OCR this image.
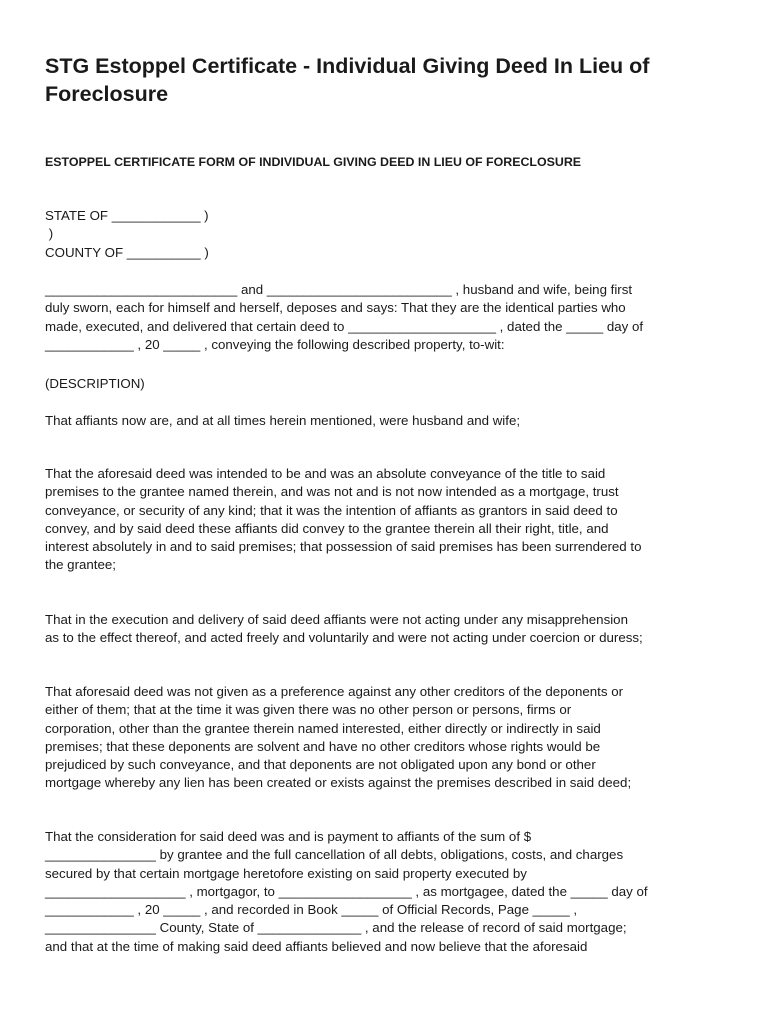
STG Estoppel Certificate - Individual Giving Deed In Lieu of
Foreclosure
ESTOPPEL CERTIFICATE FORM OF INDIVIDUAL GIVING DEED IN LIEU OF FORECLOSURE
STATE OF ____________ )
)
COUNTY OF __________ )

__________________________ and _________________________ , husband and wife, being first
duly sworn, each for himself and herself, deposes and says: That they are the identical parties who
made, executed, and delivered that certain deed to ____________________ , dated the _____ day of
____________ , 20 _____ , conveying the following described property, to-wit:

(DESCRIPTION)

That affiants now are, and at all times herein mentioned, were husband and wife;

That the aforesaid deed was intended to be and was an absolute conveyance of the title to said
premises to the grantee named therein, and was not and is not now intended as a mortgage, trust
conveyance, or security of any kind; that it was the intention of affiants as grantors in said deed to
convey, and by said deed these affiants did convey to the grantee therein all their right, title, and
interest absolutely in and to said premises; that possession of said premises has been surrendered to
the grantee;

That in the execution and delivery of said deed affiants were not acting under any misapprehension
as to the effect thereof, and acted freely and voluntarily and were not acting under coercion or duress;

That aforesaid deed was not given as a preference against any other creditors of the deponents or
either of them; that at the time it was given there was no other person or persons, firms or
corporation, other than the grantee therein named interested, either directly or indirectly in said
premises; that these deponents are solvent and have no other creditors whose rights would be
prejudiced by such conveyance, and that deponents are not obligated upon any bond or other
mortgage whereby any lien has been created or exists against the premises described in said deed;

That the consideration for said deed was and is payment to affiants of the sum of $
_______________ by grantee and the full cancellation of all debts, obligations, costs, and charges
secured by that certain mortgage heretofore existing on said property executed by
___________________ , mortgagor, to __________________ , as mortgagee, dated the _____ day of
____________ , 20 _____ , and recorded in Book _____ of Official Records, Page _____ ,
_______________ County, State of ______________ , and the release of record of said mortgage;
and that at the time of making said deed affiants believed and now believe that the aforesaid
